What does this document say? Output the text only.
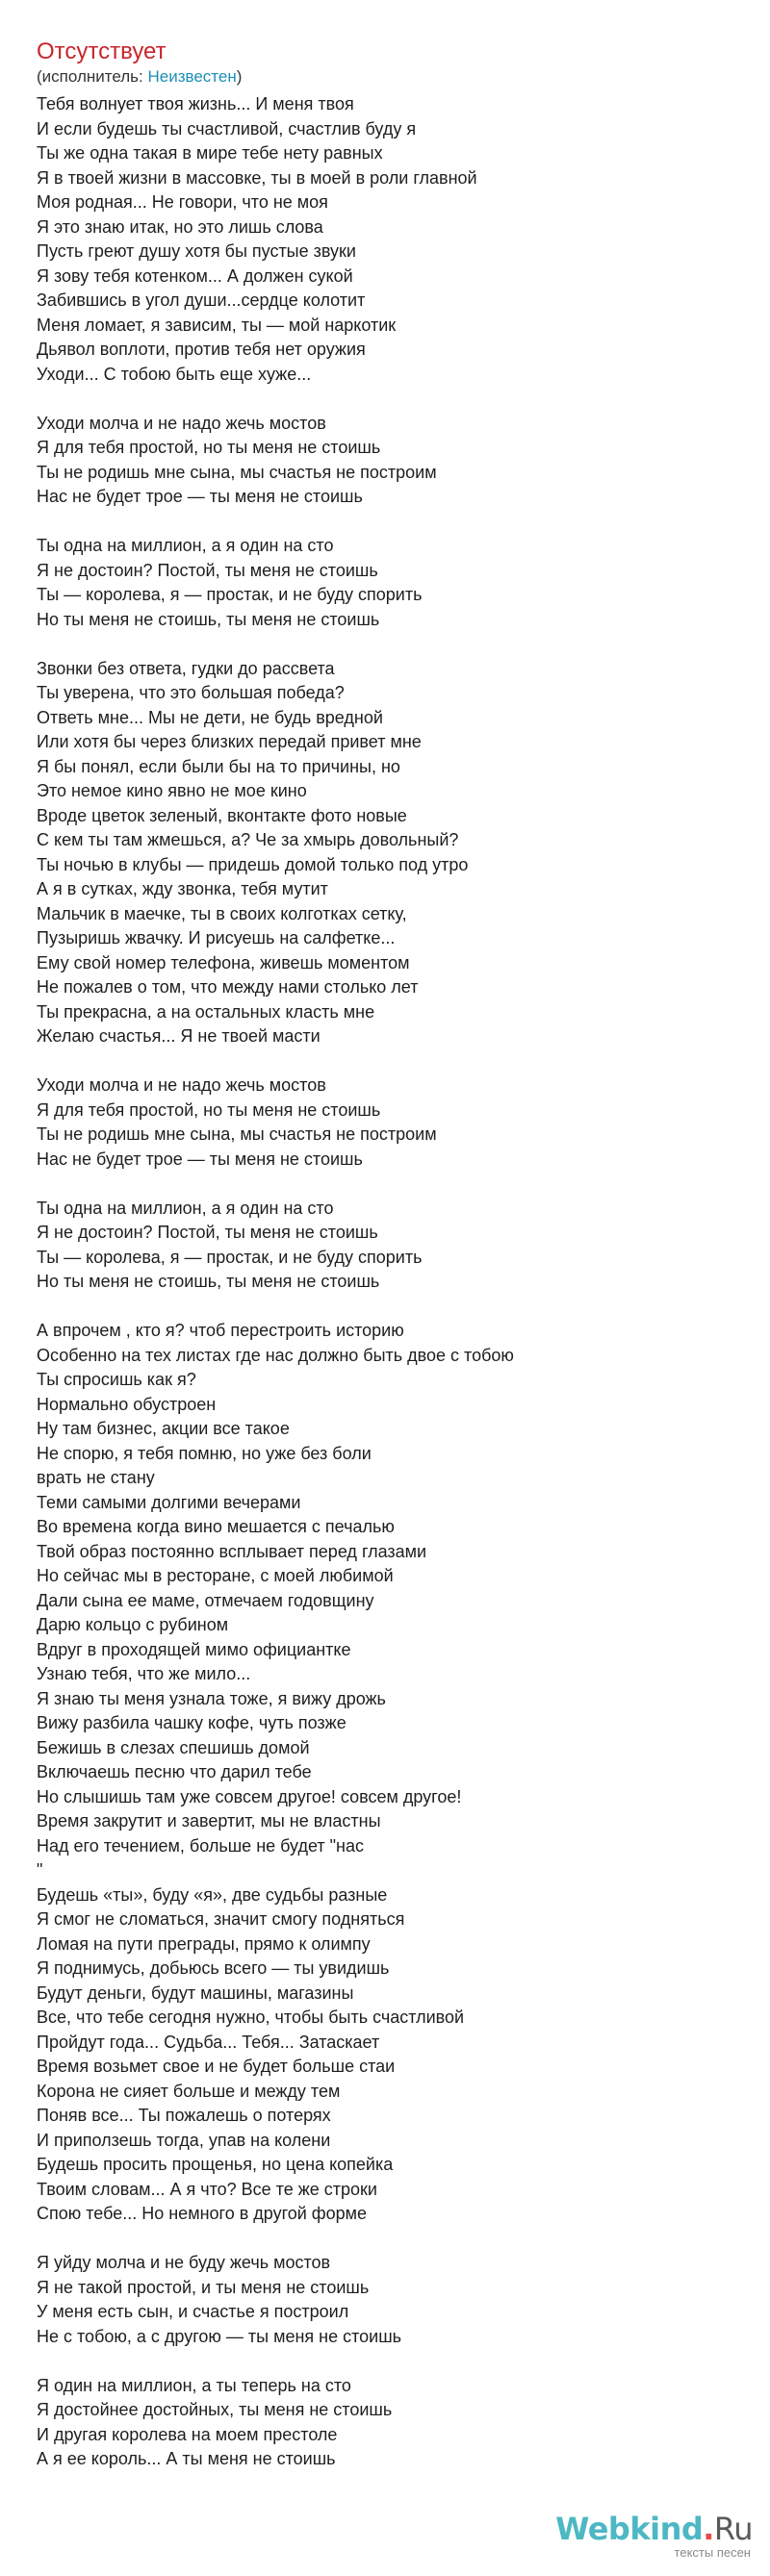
Отсутствует
(исполнитель: Неизвестен)
Тебя волнует твоя жизнь... И меня твоя
И если будешь ты счастливой, счастлив буду я
Ты же одна такая в мире тебе нету равных
Я в твоей жизни в массовке, ты в моей в роли главной
Моя родная... Не говори, что не моя
Я это знаю итак, но это лишь слова
Пусть греют душу хотя бы пустые звуки
Я зову тебя котенком... А должен сукой
Забившись в угол души...сердце колотит
Меня ломает, я зависим, ты — мой наркотик
Дьявол воплоти, против тебя нет оружия
Уходи... С тобою быть еще хуже...
Уходи молча и не надо жечь мостов
Я для тебя простой, но ты меня не стоишь
Ты не родишь мне сына, мы счастья не построим
Нас не будет трое — ты меня не стоишь
Ты одна на миллион, а я один на сто
Я не достоин? Постой, ты меня не стоишь
Ты — королева, я — простак, и не буду спорить
Но ты меня не стоишь, ты меня не стоишь
Звонки без ответа, гудки до рассвета
Ты уверена, что это большая победа?
Ответь мне... Мы не дети, не будь вредной
Или хотя бы через близких передай привет мне
Я бы понял, если были бы на то причины, но
Это немое кино явно не мое кино
Вроде цветок зеленый, вконтакте фото новые
С кем ты там жмешься, а? Че за хмырь довольный?
Ты ночью в клубы — придешь домой только под утро
А я в сутках, жду звонка, тебя мутит
Мальчик в маечке, ты в своих колготках сетку,
Пузыришь жвачку. И рисуешь на салфетке...
Ему свой номер телефона, живешь моментом
Не пожалев о том, что между нами столько лет
Ты прекрасна, а на остальных класть мне
Желаю счастья... Я не твоей масти
Уходи молча и не надо жечь мостов
Я для тебя простой, но ты меня не стоишь
Ты не родишь мне сына, мы счастья не построим
Нас не будет трое — ты меня не стоишь
Ты одна на миллион, а я один на сто
Я не достоин? Постой, ты меня не стоишь
Ты — королева, я — простак, и не буду спорить
Но ты меня не стоишь, ты меня не стоишь
А впрочем , кто я? чтоб перестроить историю
Особенно на тех листах где нас должно быть двое с тобою
Ты спросишь как я?
Нормально обустроен
Ну там бизнес, акции все такое
Не спорю, я тебя помню, но уже без боли
врать не стану
Теми самыми долгими вечерами
Во времена когда вино мешается с печалью
Твой образ постоянно всплывает перед глазами
Но сейчас мы в ресторане, с моей любимой
Дали сына ее маме, отмечаем годовщину
Дарю кольцо с рубином
Вдруг в проходящей мимо официантке
Узнаю тебя, что же мило...
Я знаю ты меня узнала тоже, я вижу дрожь
Вижу разбила чашку кофе, чуть позже
Бежишь в слезах спешишь домой
Включаешь песню что дарил тебе
Но слышишь там уже совсем другое! совсем другое!
Время закрутит и завертит, мы не властны
Над его течением, больше не будет "нас
"
Будешь «ты», буду «я», две судьбы разные
Я смог не сломаться, значит смогу подняться
Ломая на пути преграды, прямо к олимпу
Я поднимусь, добьюсь всего — ты увидишь
Будут деньги, будут машины, магазины
Все, что тебе сегодня нужно, чтобы быть счастливой
Пройдут года... Судьба... Тебя... Затаскает
Время возьмет свое и не будет больше стаи
Корона не сияет больше и между тем
Поняв все... Ты пожалешь о потерях
И приползешь тогда, упав на колени
Будешь просить прощенья, но цена копейка
Твоим словам... А я что? Все те же строки
Спою тебе... Но немного в другой форме
Я уйду молча и не буду жечь мостов
Я не такой простой, и ты меня не стоишь
У меня есть сын, и счастье я построил
Не с тобою, а с другою — ты меня не стоишь
Я один на миллион, а ты теперь на сто
Я достойнее достойных, ты меня не стоишь
И другая королева на моем престоле
А я ее король... А ты меня не стоишь
Webkind.Ru
тексты песен
